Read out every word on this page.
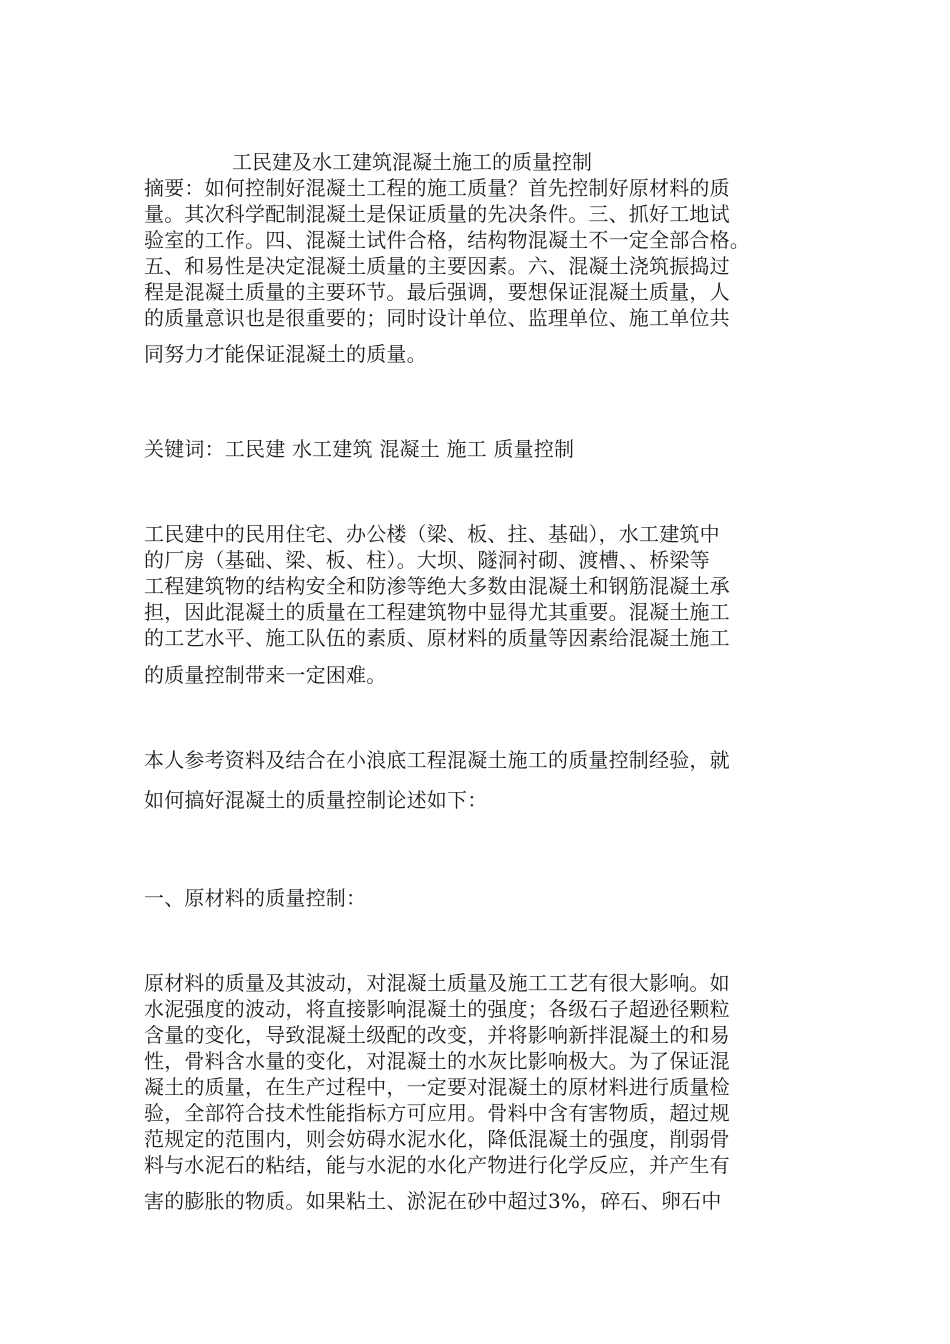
工民建及水工建筑混凝土施工的质量控制
摘要：如何控制好混凝土工程的施工质量？首先控制好原材料的质
量。其次科学配制混凝土是保证质量的先决条件。三、抓好工地试
验室的工作。四、混凝土试件合格，结构物混凝土不一定全部合格。
五、和易性是决定混凝土质量的主要因素。六、混凝土浇筑振捣过
程是混凝土质量的主要环节。最后强调，要想保证混凝土质量，人
的质量意识也是很重要的；同时设计单位、监理单位、施工单位共
同努力才能保证混凝土的质量。
关键词：工民建 水工建筑 混凝土 施工 质量控制
工民建中的民用住宅、办公楼（梁、板、拄、基础），水工建筑中
的厂房（基础、梁、板、柱）。大坝、隧洞衬砌、渡槽、、桥梁等
工程建筑物的结构安全和防渗等绝大多数由混凝土和钢筋混凝土承
担，因此混凝土的质量在工程建筑物中显得尤其重要。混凝土施工
的工艺水平、施工队伍的素质、原材料的质量等因素给混凝土施工
的质量控制带来一定困难。
本人参考资料及结合在小浪底工程混凝土施工的质量控制经验，就
如何搞好混凝土的质量控制论述如下：
一、原材料的质量控制：
原材料的质量及其波动，对混凝土质量及施工工艺有很大影响。如
水泥强度的波动，将直接影响混凝土的强度；各级石子超逊径颗粒
含量的变化，导致混凝土级配的改变，并将影响新拌混凝土的和易
性，骨料含水量的变化，对混凝土的水灰比影响极大。为了保证混
凝土的质量，在生产过程中，一定要对混凝土的原材料进行质量检
验，全部符合技术性能指标方可应用。骨料中含有害物质，超过规
范规定的范围内，则会妨碍水泥水化，降低混凝土的强度，削弱骨
料与水泥石的粘结，能与水泥的水化产物进行化学反应，并产生有
害的膨胀的物质。如果粘土、淤泥在砂中超过3%，碎石、卵石中
